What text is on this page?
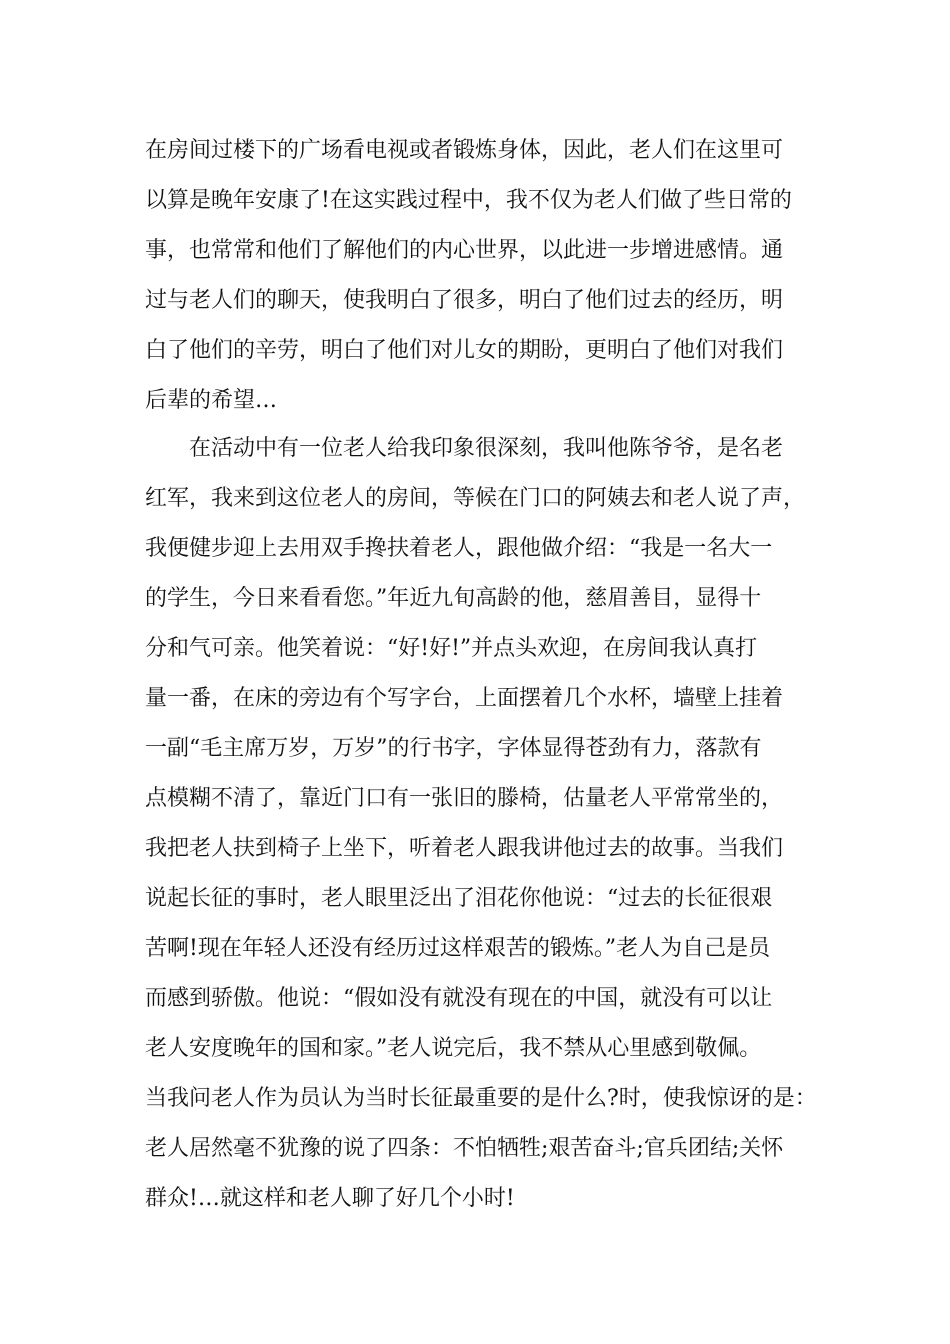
在房间过楼下的广场看电视或者锻炼身体，因此，老人们在这里可
以算是晚年安康了!在这实践过程中，我不仅为老人们做了些日常的
事，也常常和他们了解他们的内心世界，以此进一步增进感情。通
过与老人们的聊天，使我明白了很多，明白了他们过去的经历，明
白了他们的辛劳，明白了他们对儿女的期盼，更明白了他们对我们
后辈的希望…
在活动中有一位老人给我印象很深刻，我叫他陈爷爷，是名老
红军，我来到这位老人的房间，等候在门口的阿姨去和老人说了声，
我便健步迎上去用双手搀扶着老人，跟他做介绍：“我是一名大一
的学生，今日来看看您。”年近九旬高龄的他，慈眉善目，显得十
分和气可亲。他笑着说：“好!好!”并点头欢迎，在房间我认真打
量一番，在床的旁边有个写字台，上面摆着几个水杯，墙壁上挂着
一副“毛主席万岁，万岁”的行书字，字体显得苍劲有力，落款有
点模糊不清了，靠近门口有一张旧的滕椅，估量老人平常常坐的，
我把老人扶到椅子上坐下，听着老人跟我讲他过去的故事。当我们
说起长征的事时，老人眼里泛出了泪花你他说：“过去的长征很艰
苦啊!现在年轻人还没有经历过这样艰苦的锻炼。”老人为自己是员
而感到骄傲。他说：“假如没有就没有现在的中国，就没有可以让
老人安度晚年的国和家。”老人说完后，我不禁从心里感到敬佩。
当我问老人作为员认为当时长征最重要的是什么?时，使我惊讶的是：
老人居然毫不犹豫的说了四条：不怕牺牲;艰苦奋斗;官兵团结;关怀
群众!…就这样和老人聊了好几个小时!
